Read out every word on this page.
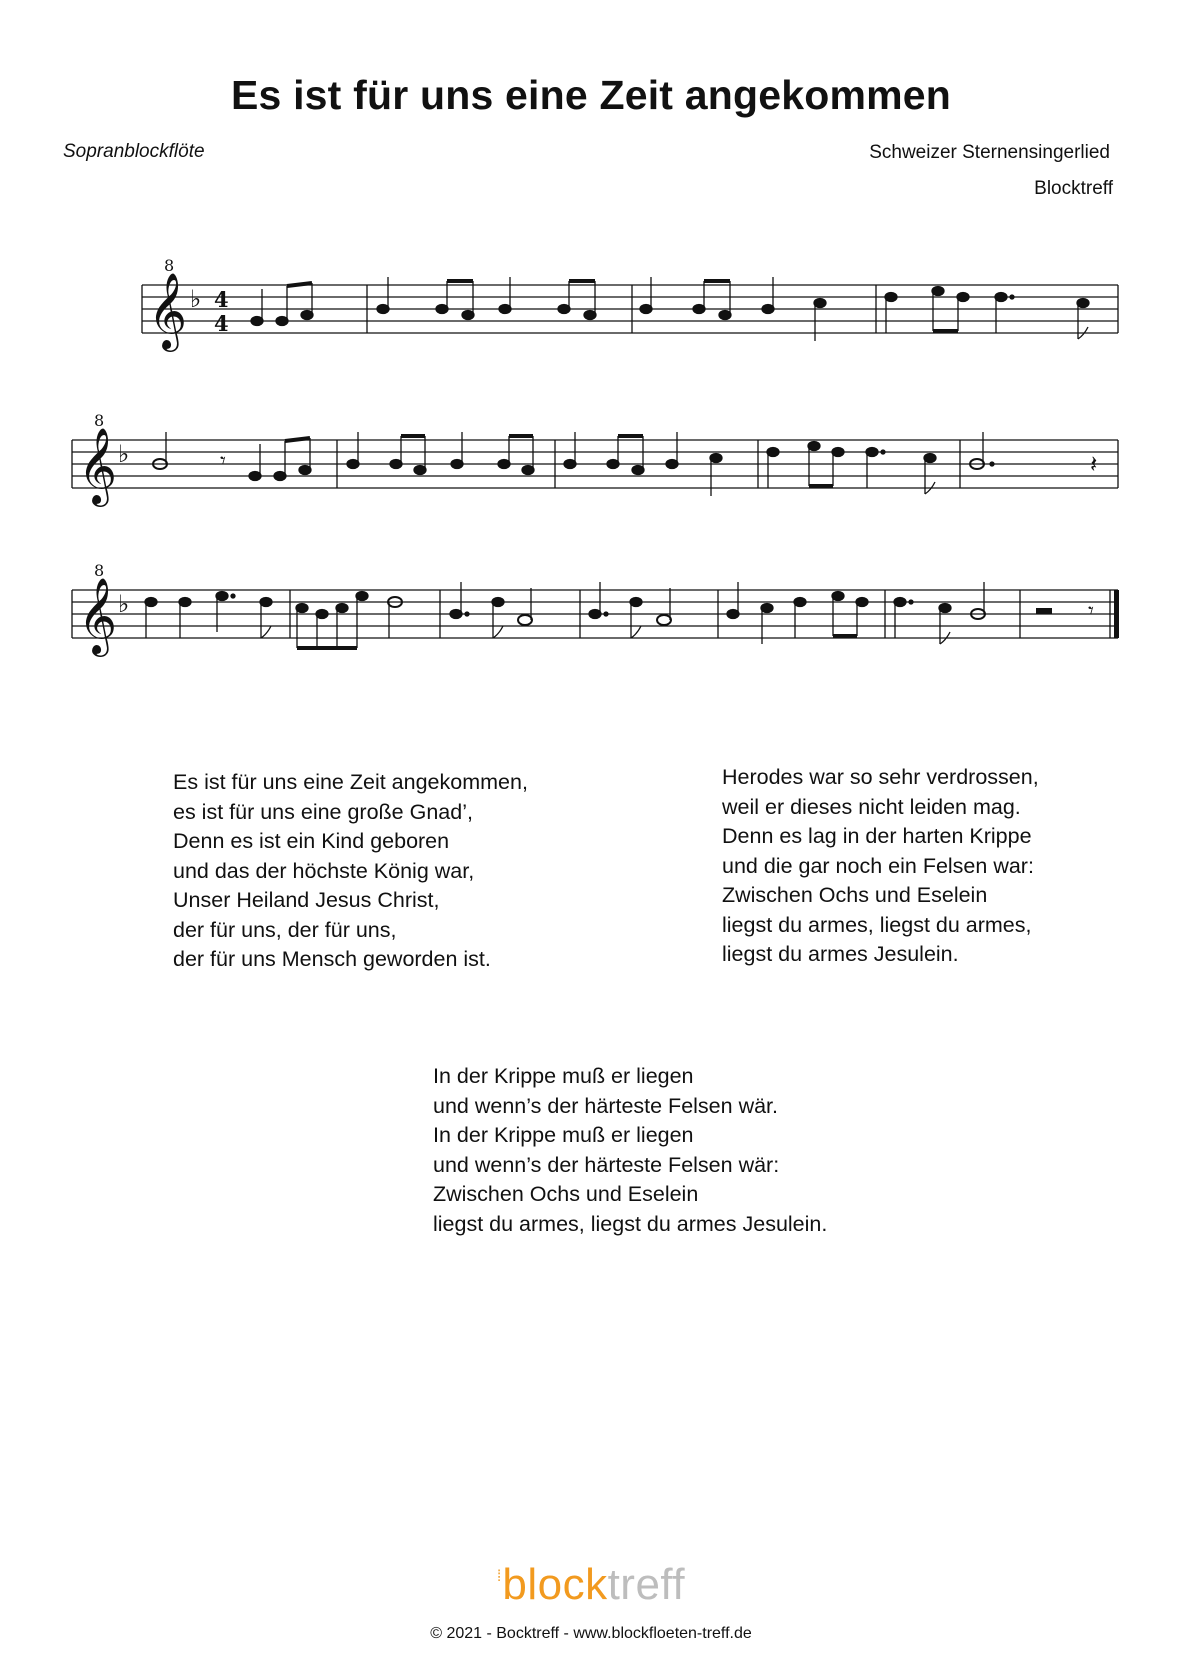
Es ist für uns eine Zeit angekommen
Sopranblockflöte	Schweizer Sternensingerlied
Blocktreff
8
𝄞 ♭ 4
4
8
𝄞 ♭	𝄾	𝄽
8
𝄞 ♭	𝄾
Es ist für uns eine Zeit angekommen,
es ist für uns eine große Gnad’,
Denn es ist ein Kind geboren
und das der höchste König war,
Unser Heiland Jesus Christ,
der für uns, der für uns,
der für uns Mensch geworden ist.
Herodes war so sehr verdrossen,
weil er dieses nicht leiden mag.
Denn es lag in der harten Krippe
und die gar noch ein Felsen war:
Zwischen Ochs und Eselein
liegst du armes, liegst du armes,
liegst du armes Jesulein.
In der Krippe muß er liegen
und wenn’s der härteste Felsen wär.
In der Krippe muß er liegen
und wenn’s der härteste Felsen wär:
Zwischen Ochs und Eselein
liegst du armes, liegst du armes Jesulein.
⁞blocktreff
© 2021 - Bocktreff - www.blockfloeten-treff.de
